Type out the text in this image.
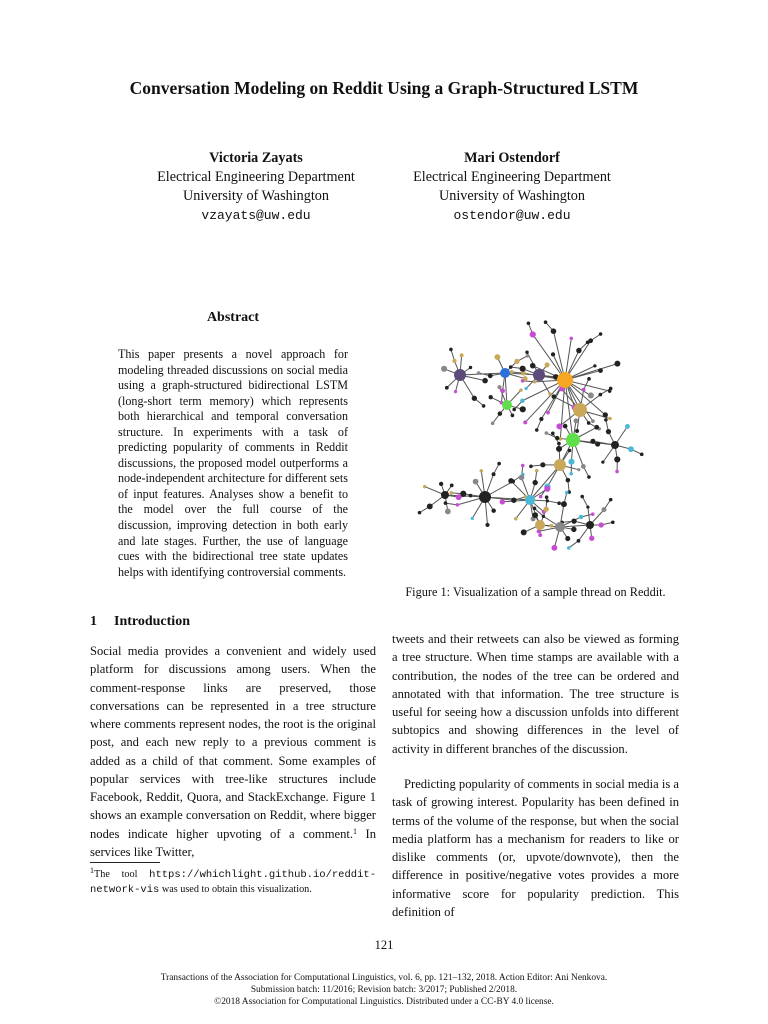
Conversation Modeling on Reddit Using a Graph-Structured LSTM
Victoria Zayats
Electrical Engineering Department
University of Washington
vzayats@uw.edu
Mari Ostendorf
Electrical Engineering Department
University of Washington
ostendor@uw.edu
Abstract
This paper presents a novel approach for modeling threaded discussions on social media using a graph-structured bidirectional LSTM (long-short term memory) which represents both hierarchical and temporal conversation structure. In experiments with a task of predicting popularity of comments in Reddit discussions, the proposed model outperforms a node-independent architecture for different sets of input features. Analyses show a benefit to the model over the full course of the discussion, improving detection in both early and late stages. Further, the use of language cues with the bidirectional tree state updates helps with identifying controversial comments.
Figure 1: Visualization of a sample thread on Reddit.
1 Introduction
Social media provides a convenient and widely used platform for discussions among users. When the comment-response links are preserved, those conversations can be represented in a tree structure where comments represent nodes, the root is the original post, and each new reply to a previous comment is added as a child of that comment. Some examples of popular services with tree-like structures include Facebook, Reddit, Quora, and StackExchange. Figure 1 shows an example conversation on Reddit, where bigger nodes indicate higher upvoting of a comment.$^1$ In services like Twitter,
tweets and their retweets can also be viewed as forming a tree structure. When time stamps are available with a contribution, the nodes of the tree can be ordered and annotated with that information. The tree structure is useful for seeing how a discussion unfolds into different subtopics and showing differences in the level of activity in different branches of the discussion.
Predicting popularity of comments in social media is a task of growing interest. Popularity has been defined in terms of the volume of the response, but when the social media platform has a mechanism for readers to like or dislike comments (or, upvote/downvote), then the difference in positive/negative votes provides a more informative score for popularity prediction. This definition of
$^1$The tool https://whichlight.github.io/reddit-network-vis was used to obtain this visualization.
121
Transactions of the Association for Computational Linguistics, vol. 6, pp. 121–132, 2018. Action Editor: Ani Nenkova.
Submission batch: 11/2016; Revision batch: 3/2017; Published 2/2018.
©2018 Association for Computational Linguistics. Distributed under a CC-BY 4.0 license.
